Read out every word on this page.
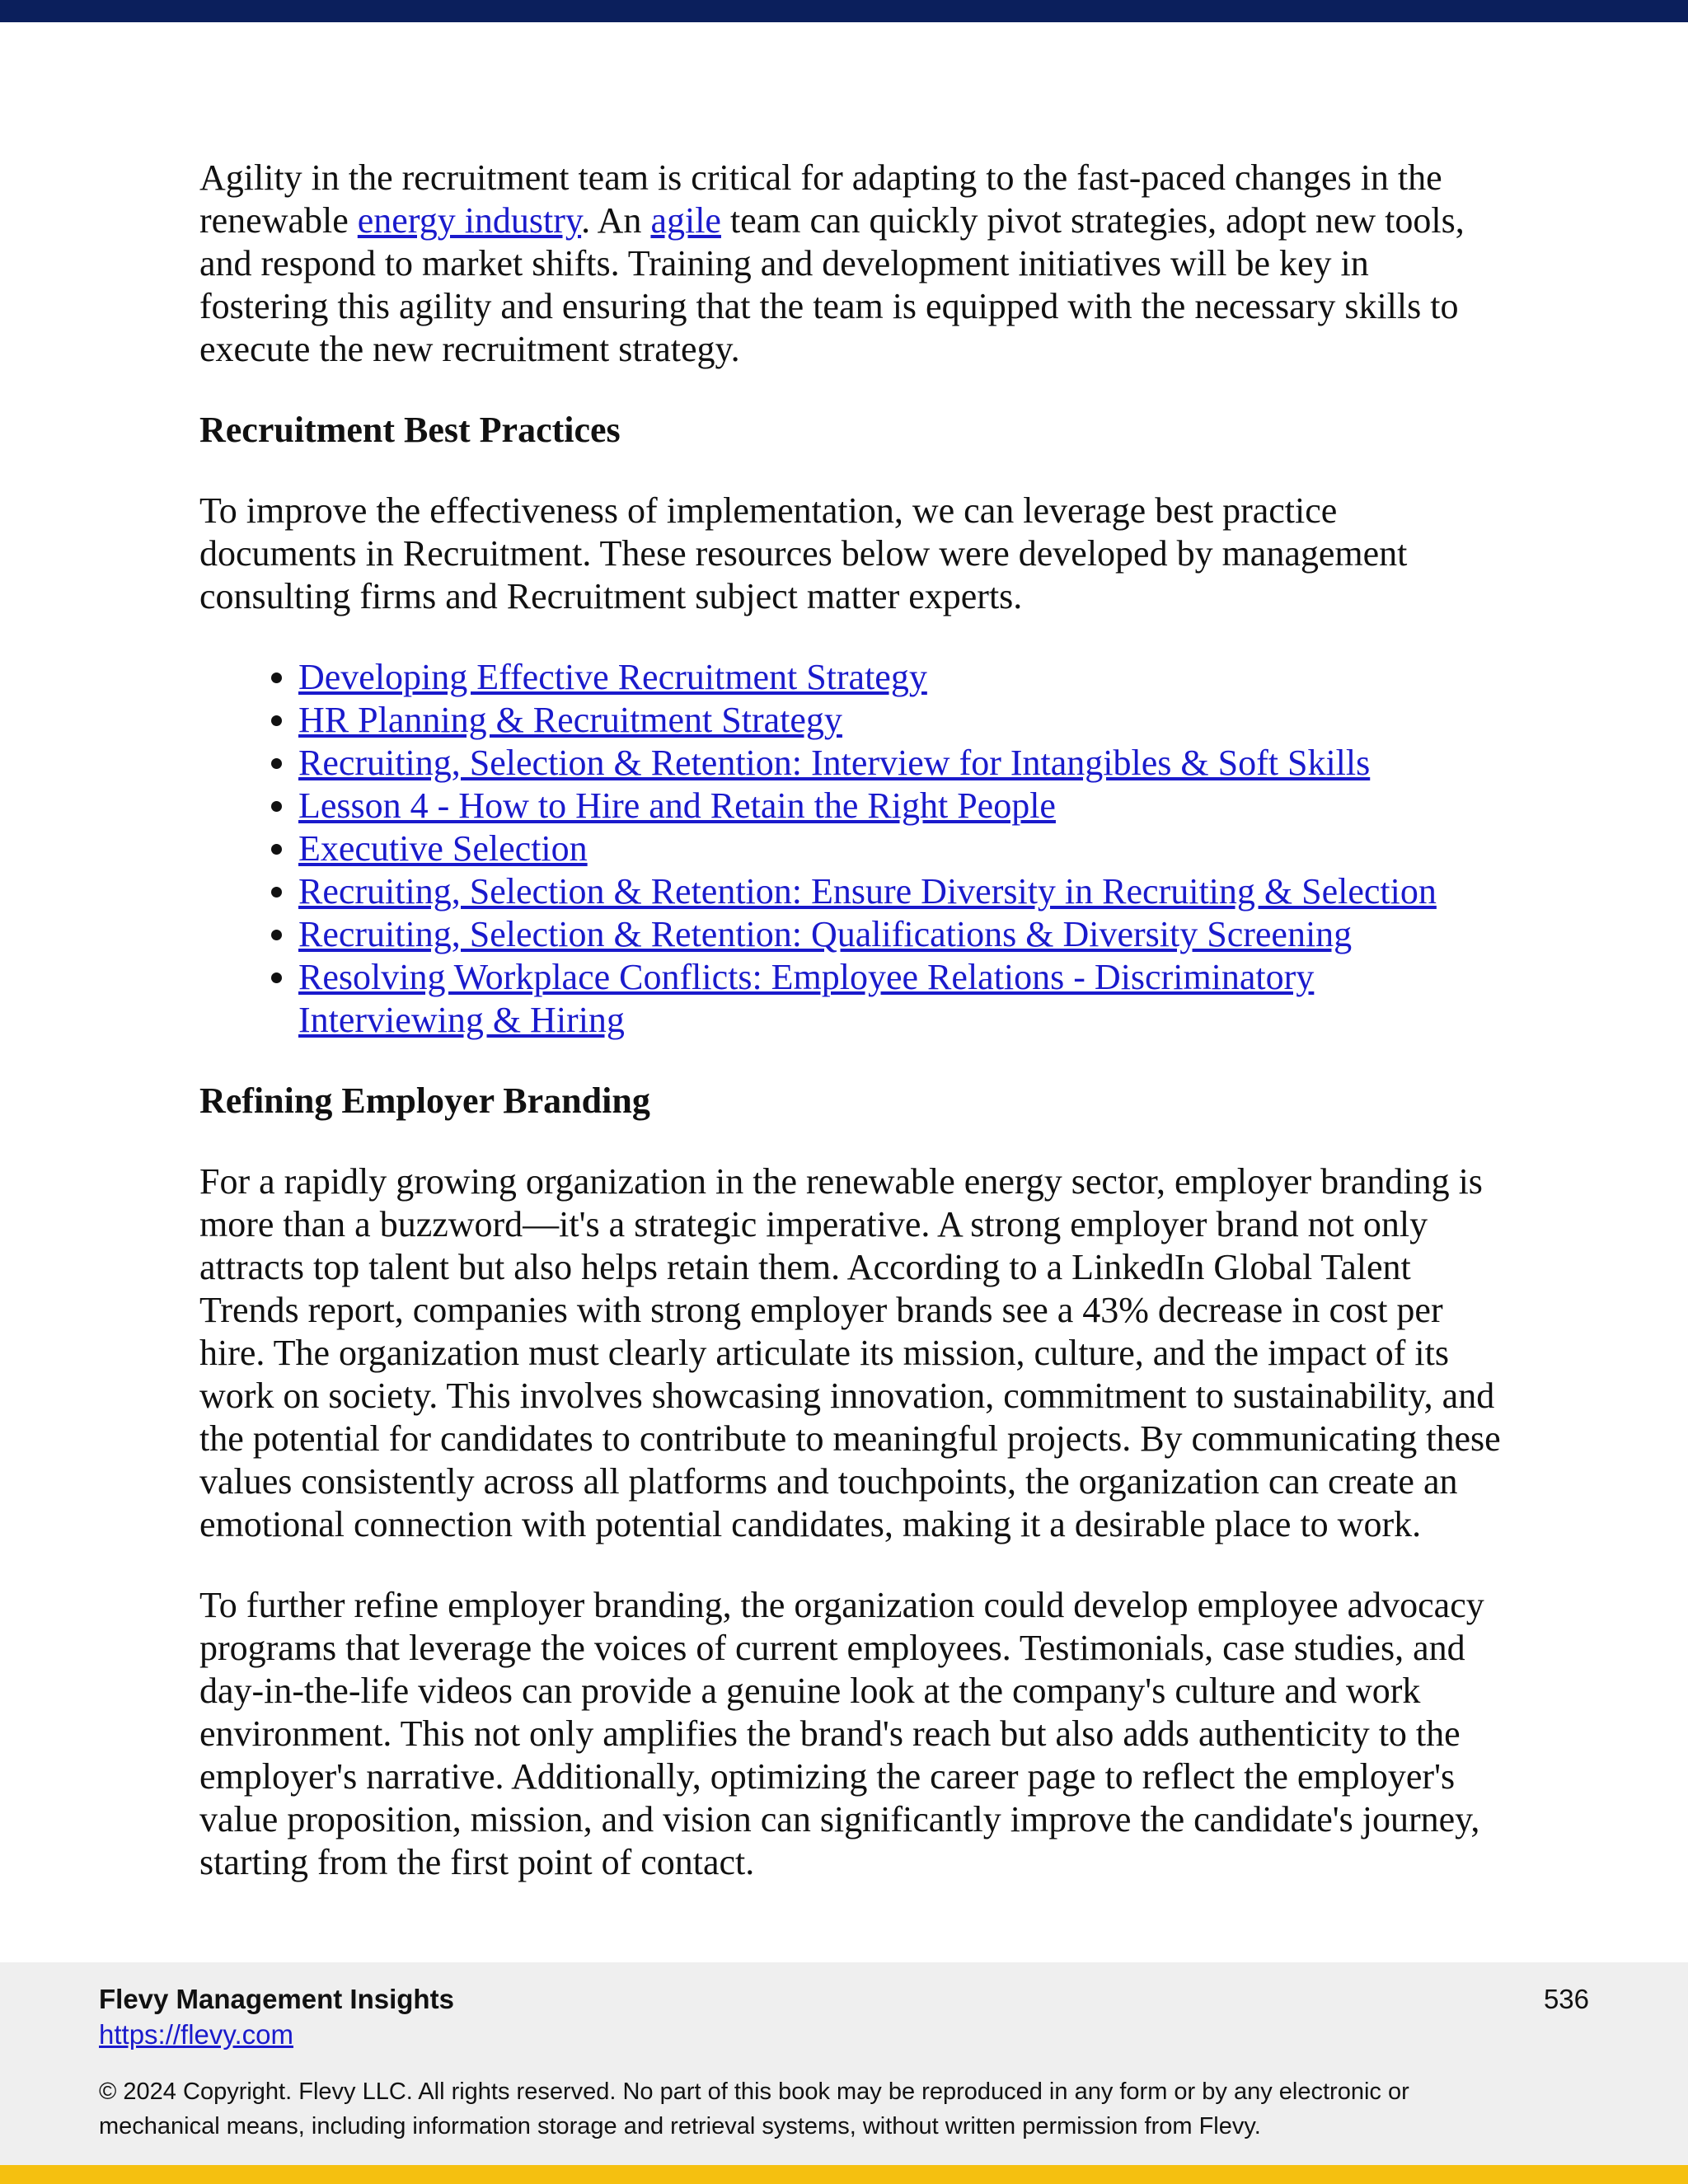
Agility in the recruitment team is critical for adapting to the fast-paced changes in the renewable energy industry. An agile team can quickly pivot strategies, adopt new tools, and respond to market shifts. Training and development initiatives will be key in fostering this agility and ensuring that the team is equipped with the necessary skills to execute the new recruitment strategy.

Recruitment Best Practices

To improve the effectiveness of implementation, we can leverage best practice documents in Recruitment. These resources below were developed by management consulting firms and Recruitment subject matter experts.

• Developing Effective Recruitment Strategy
• HR Planning & Recruitment Strategy
• Recruiting, Selection & Retention: Interview for Intangibles & Soft Skills
• Lesson 4 - How to Hire and Retain the Right People
• Executive Selection
• Recruiting, Selection & Retention: Ensure Diversity in Recruiting & Selection
• Recruiting, Selection & Retention: Qualifications & Diversity Screening
• Resolving Workplace Conflicts: Employee Relations - Discriminatory Interviewing & Hiring
Refining Employer Branding

For a rapidly growing organization in the renewable energy sector, employer branding is more than a buzzword—it's a strategic imperative. A strong employer brand not only attracts top talent but also helps retain them. According to a LinkedIn Global Talent Trends report, companies with strong employer brands see a 43% decrease in cost per hire. The organization must clearly articulate its mission, culture, and the impact of its work on society. This involves showcasing innovation, commitment to sustainability, and the potential for candidates to contribute to meaningful projects. By communicating these values consistently across all platforms and touchpoints, the organization can create an emotional connection with potential candidates, making it a desirable place to work.

To further refine employer branding, the organization could develop employee advocacy programs that leverage the voices of current employees. Testimonials, case studies, and day-in-the-life videos can provide a genuine look at the company's culture and work environment. This not only amplifies the brand's reach but also adds authenticity to the employer's narrative. Additionally, optimizing the career page to reflect the employer's value proposition, mission, and vision can significantly improve the candidate's journey, starting from the first point of contact.

Flevy Management Insights
https://flevy.com
536
© 2024 Copyright. Flevy LLC. All rights reserved. No part of this book may be reproduced in any form or by any electronic or mechanical means, including information storage and retrieval systems, without written permission from Flevy.
